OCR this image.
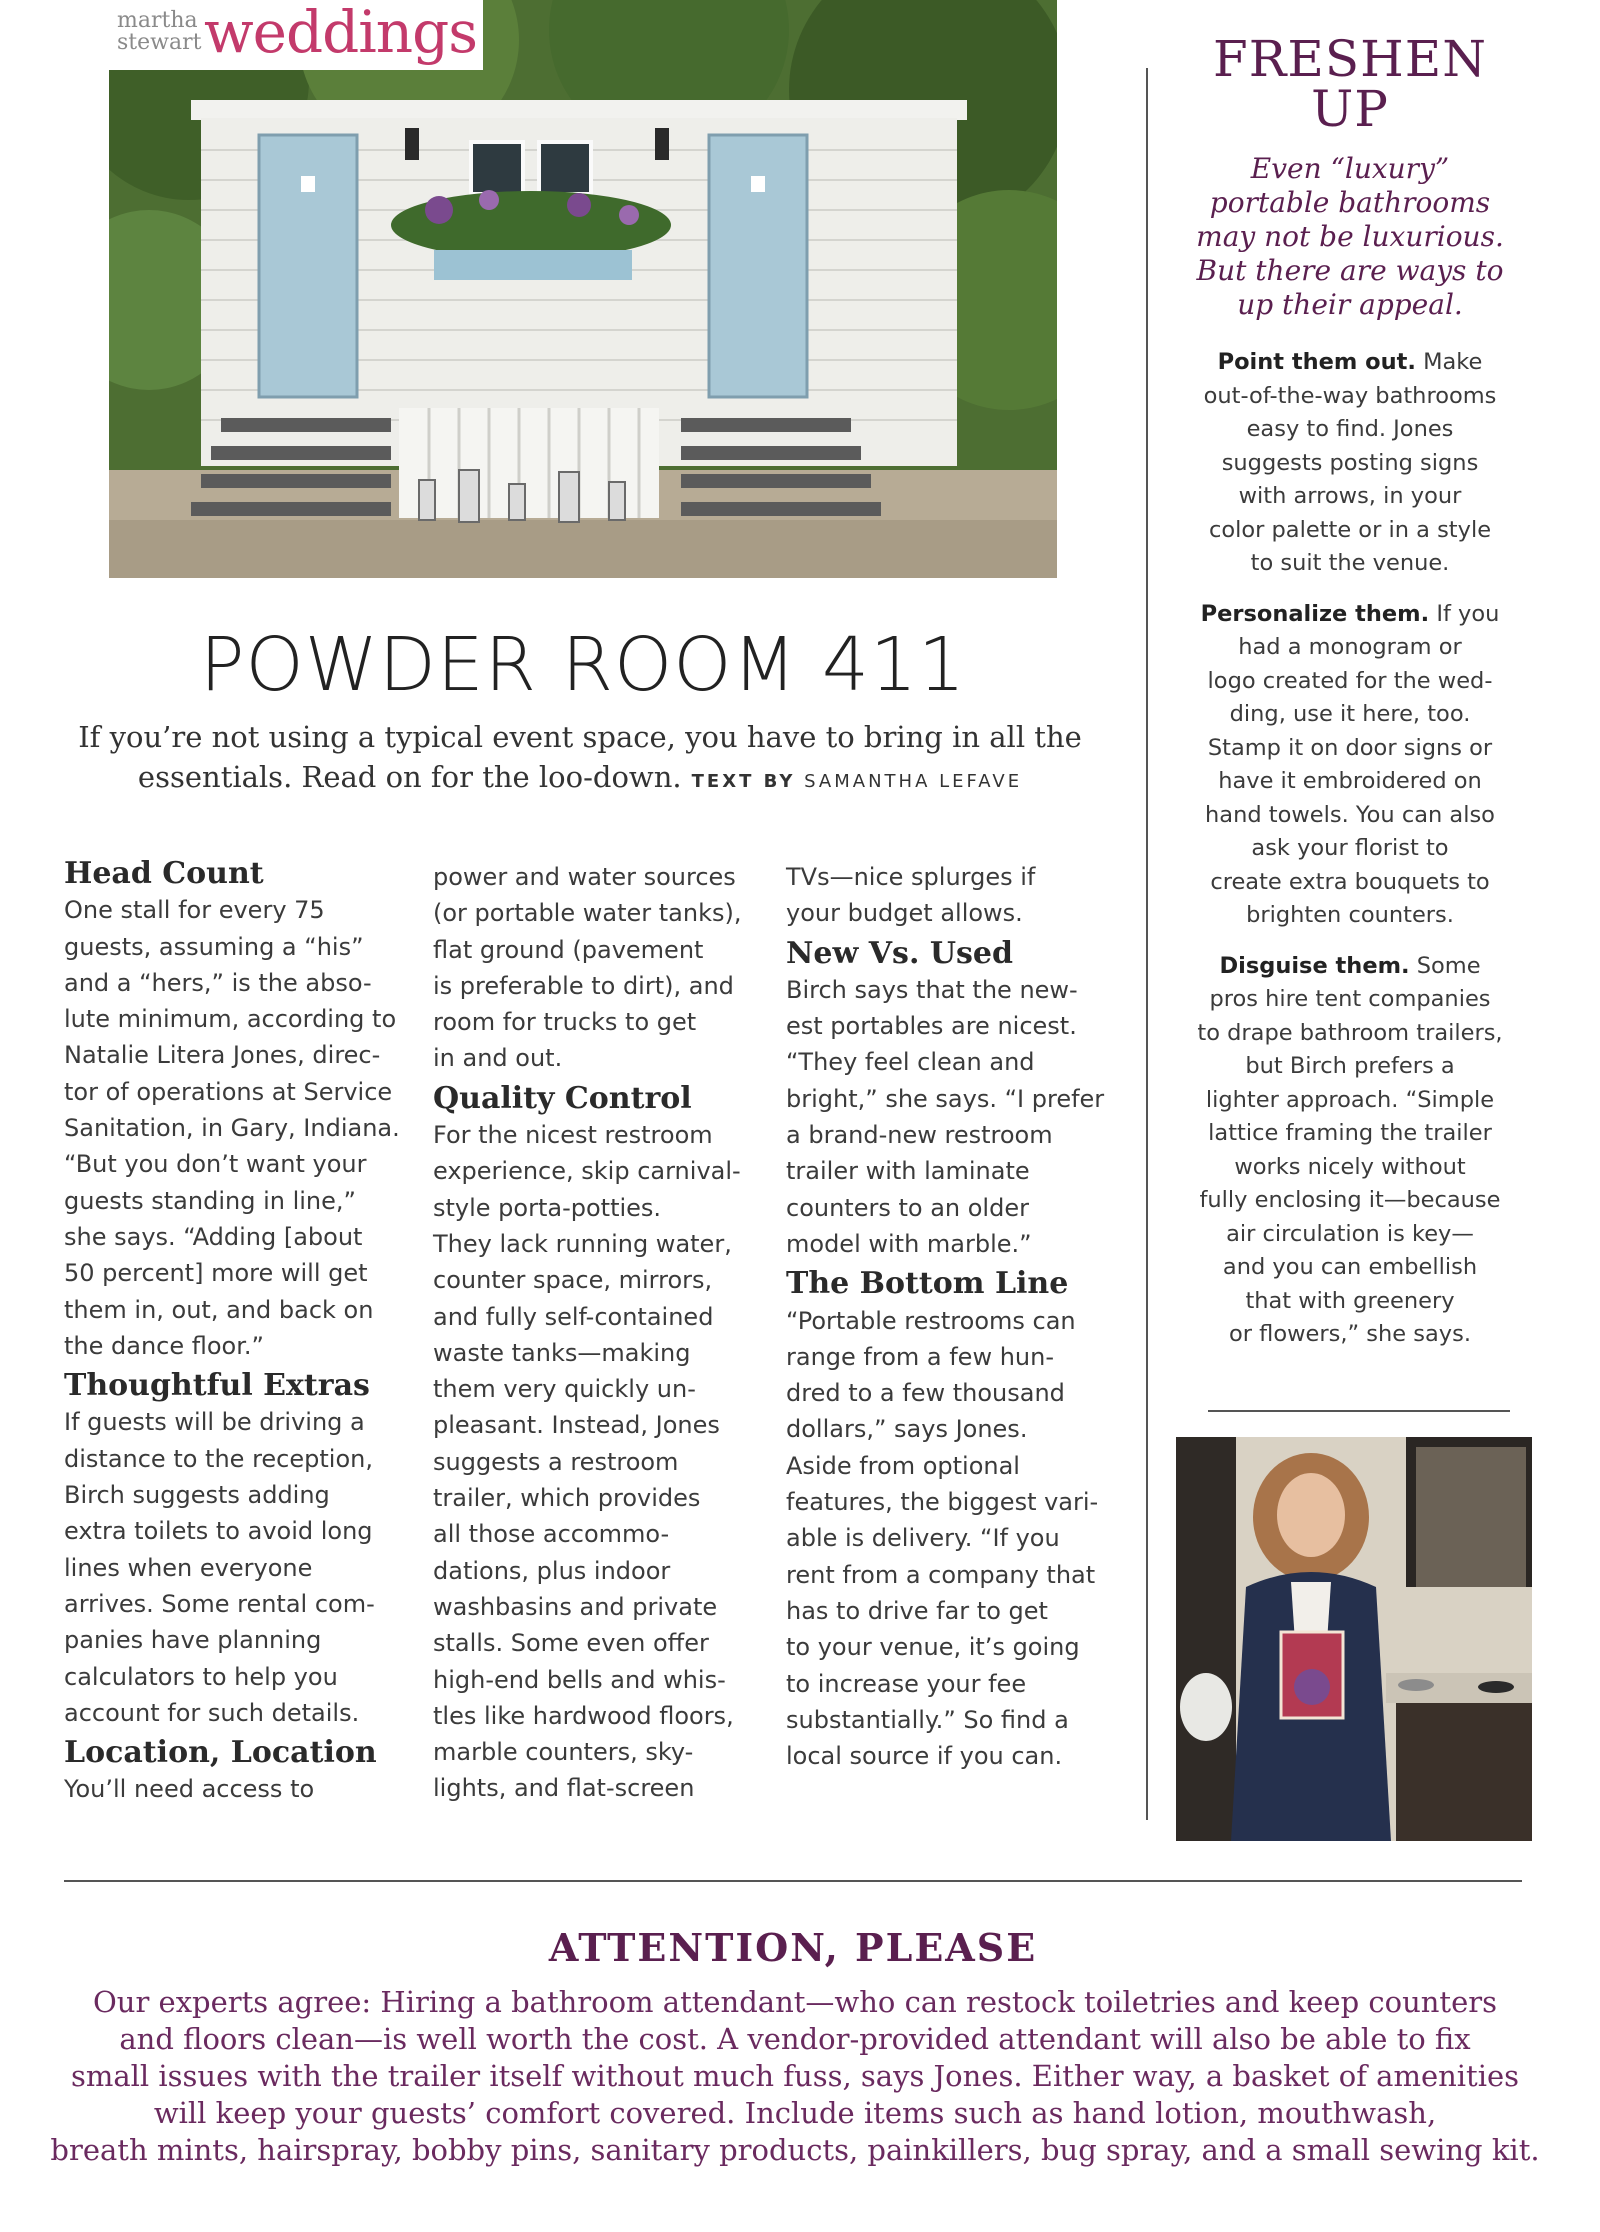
martha
stewart weddings
POWDER ROOM 411
If you’re not using a typical event space, you have to bring in all the
essentials. Read on for the loo-down. TEXT BY SAMANTHA LEFAVE
Head Count
One stall for every 75
guests, assuming a “his”
and a “hers,” is the abso-
lute minimum, according to
Natalie Litera Jones, direc-
tor of operations at Service
Sanitation, in Gary, Indiana.
“But you don’t want your
guests standing in line,”
she says. “Adding [about
50 percent] more will get
them in, out, and back on
the dance floor.”
Thoughtful Extras
If guests will be driving a
distance to the reception,
Birch suggests adding
extra toilets to avoid long
lines when everyone
arrives. Some rental com-
panies have planning
calculators to help you
account for such details.
Location, Location
You’ll need access to
power and water sources
(or portable water tanks),
flat ground (pavement
is preferable to dirt), and
room for trucks to get
in and out.
Quality Control
For the nicest restroom
experience, skip carnival-
style porta-potties.
They lack running water,
counter space, mirrors,
and fully self-contained
waste tanks—making
them very quickly un-
pleasant. Instead, Jones
suggests a restroom
trailer, which provides
all those accommo-
dations, plus indoor
washbasins and private
stalls. Some even offer
high-end bells and whis-
tles like hardwood floors,
marble counters, sky-
lights, and flat-screen
TVs—nice splurges if
your budget allows.
New Vs. Used
Birch says that the new-
est portables are nicest.
“They feel clean and
bright,” she says. “I prefer
a brand-new restroom
trailer with laminate
counters to an older
model with marble.”
The Bottom Line
“Portable restrooms can
range from a few hun-
dred to a few thousand
dollars,” says Jones.
Aside from optional
features, the biggest vari-
able is delivery. “If you
rent from a company that
has to drive far to get
to your venue, it’s going
to increase your fee
substantially.” So find a
local source if you can.
FRESHEN
UP
Even “luxury”
portable bathrooms
may not be luxurious.
But there are ways to
up their appeal.
Point them out. Make
out-of-the-way bathrooms
easy to find. Jones
suggests posting signs
with arrows, in your
color palette or in a style
to suit the venue.
Personalize them. If you
had a monogram or
logo created for the wed-
ding, use it here, too.
Stamp it on door signs or
have it embroidered on
hand towels. You can also
ask your florist to
create extra bouquets to
brighten counters.
Disguise them. Some
pros hire tent companies
to drape bathroom trailers,
but Birch prefers a
lighter approach. “Simple
lattice framing the trailer
works nicely without
fully enclosing it—because
air circulation is key—
and you can embellish
that with greenery
or flowers,” she says.
ATTENTION, PLEASE
Our experts agree: Hiring a bathroom attendant—who can restock toiletries and keep counters
and floors clean—is well worth the cost. A vendor-provided attendant will also be able to fix
small issues with the trailer itself without much fuss, says Jones. Either way, a basket of amenities
will keep your guests’ comfort covered. Include items such as hand lotion, mouthwash,
breath mints, hairspray, bobby pins, sanitary products, painkillers, bug spray, and a small sewing kit.
